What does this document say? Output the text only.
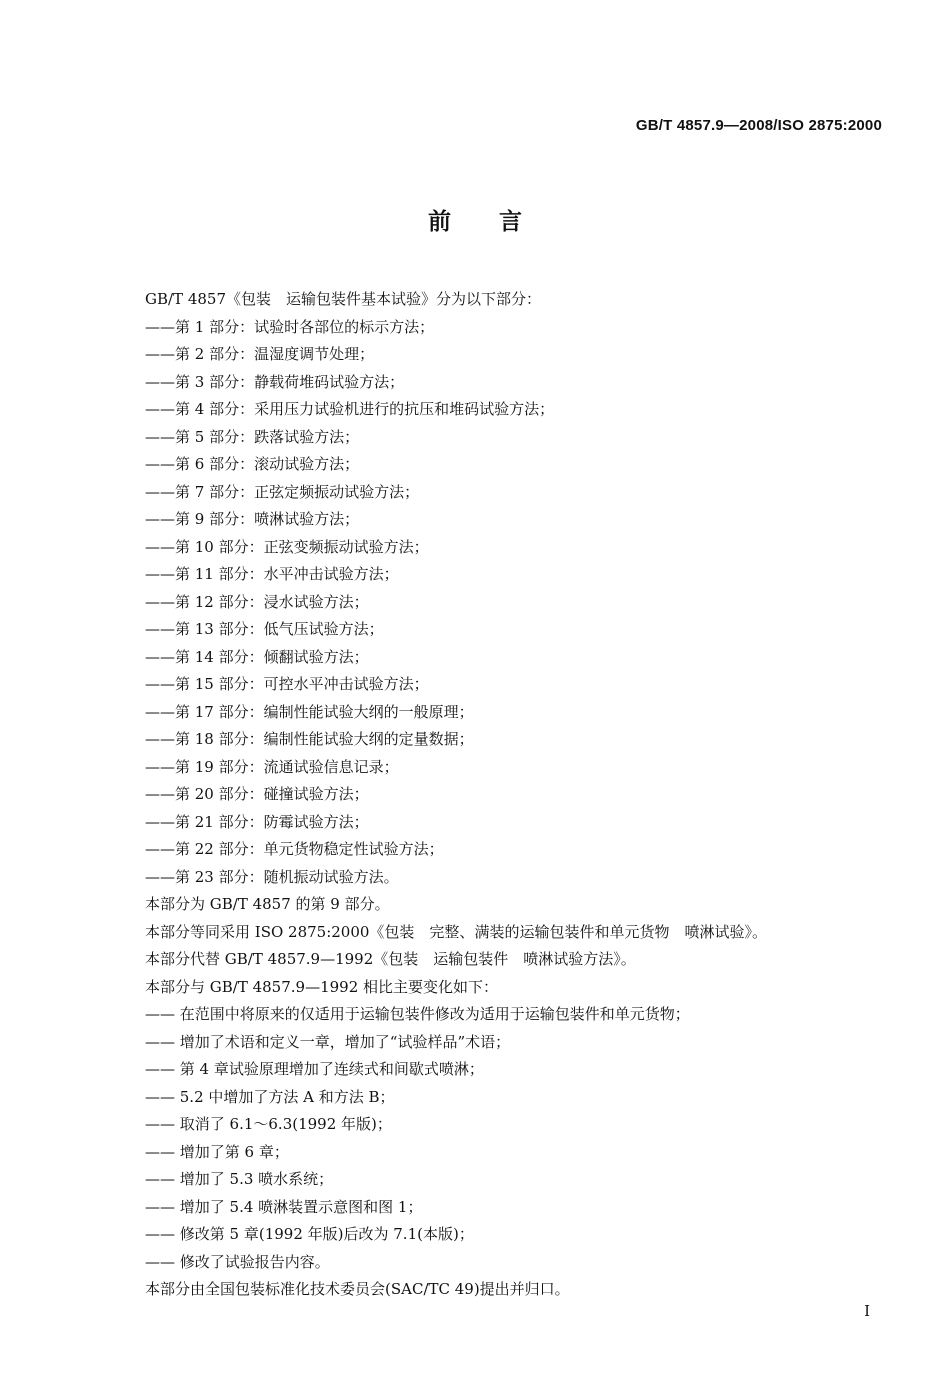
GB/T 4857.9—2008/ISO 2875:2000
前言
GB/T 4857《包装　运输包装件基本试验》分为以下部分：
——第 1 部分：试验时各部位的标示方法；
——第 2 部分：温湿度调节处理；
——第 3 部分：静载荷堆码试验方法；
——第 4 部分：采用压力试验机进行的抗压和堆码试验方法；
——第 5 部分：跌落试验方法；
——第 6 部分：滚动试验方法；
——第 7 部分：正弦定频振动试验方法；
——第 9 部分：喷淋试验方法；
——第 10 部分：正弦变频振动试验方法；
——第 11 部分：水平冲击试验方法；
——第 12 部分：浸水试验方法；
——第 13 部分：低气压试验方法；
——第 14 部分：倾翻试验方法；
——第 15 部分：可控水平冲击试验方法；
——第 17 部分：编制性能试验大纲的一般原理；
——第 18 部分：编制性能试验大纲的定量数据；
——第 19 部分：流通试验信息记录；
——第 20 部分：碰撞试验方法；
——第 21 部分：防霉试验方法；
——第 22 部分：单元货物稳定性试验方法；
——第 23 部分：随机振动试验方法。
本部分为 GB/T 4857 的第 9 部分。
本部分等同采用 ISO 2875:2000《包装　完整、满装的运输包装件和单元货物　喷淋试验》。
本部分代替 GB/T 4857.9—1992《包装　运输包装件　喷淋试验方法》。
本部分与 GB/T 4857.9—1992 相比主要变化如下：
—— 在范围中将原来的仅适用于运输包装件修改为适用于运输包装件和单元货物；
—— 增加了术语和定义一章，增加了“试验样品”术语；
—— 第 4 章试验原理增加了连续式和间歇式喷淋；
—— 5.2 中增加了方法 A 和方法 B；
—— 取消了 6.1～6.3(1992 年版)；
—— 增加了第 6 章；
—— 增加了 5.3 喷水系统；
—— 增加了 5.4 喷淋装置示意图和图 1；
—— 修改第 5 章(1992 年版)后改为 7.1(本版)；
—— 修改了试验报告内容。
本部分由全国包装标准化技术委员会(SAC/TC 49)提出并归口。
I
